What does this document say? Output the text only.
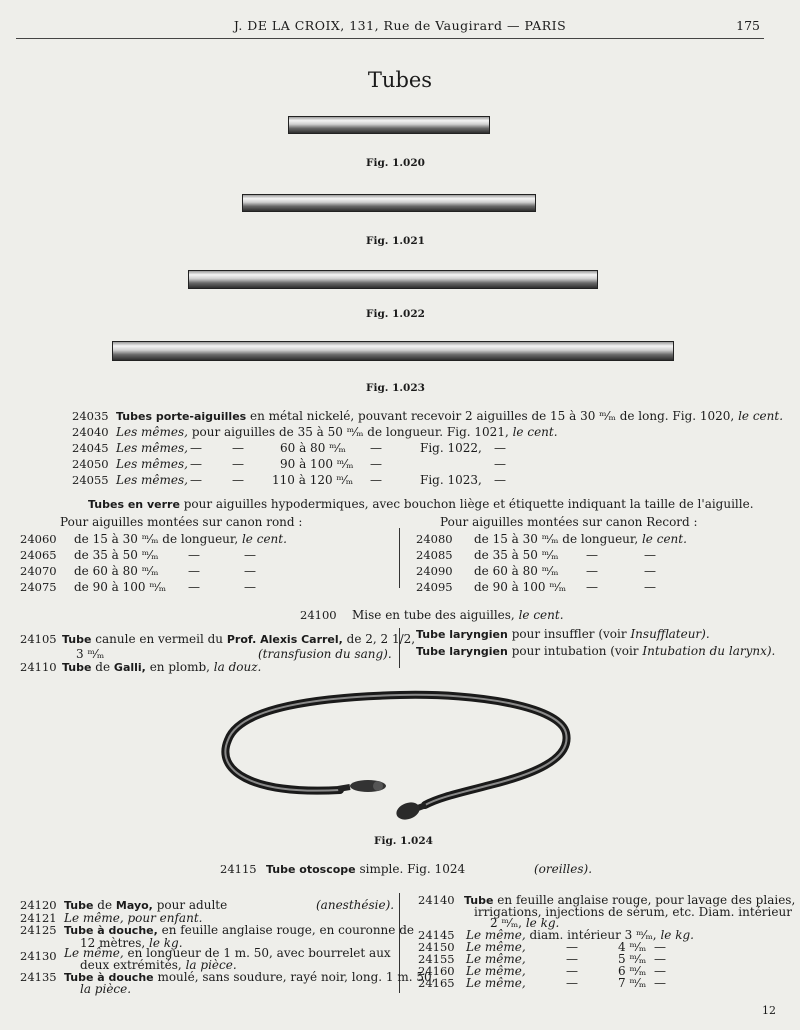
J. DE LA CROIX, 131, Rue de Vaugirard — PARIS	175
Tubes
Fig. 1.020
Fig. 1.021
Fig. 1.022
Fig. 1.023
24035 Tubes porte-aiguilles en métal nickelé, pouvant recevoir 2 aiguilles de 15 à 30 ᵐ⁄ₘ de long. Fig. 1020, le cent.
24040 Les mêmes, pour aiguilles de 35 à 50 ᵐ⁄ₘ de longueur. Fig. 1021, le cent.
24045 Les mêmes, —	—	60 à 80 ᵐ⁄ₘ —	Fig. 1022, —
24050 Les mêmes, —	—	90 à 100 ᵐ⁄ₘ —	—
24055 Les mêmes, —	— 110 à 120 ᵐ⁄ₘ —	Fig. 1023, —
Tubes en verre pour aiguilles hypodermiques, avec bouchon liège et étiquette indiquant la taille de l'aiguille.
Pour aiguilles montées sur canon rond :	Pour aiguilles montées sur canon Record :
24060 de 15 à 30 ᵐ⁄ₘ de longueur, le cent.
24065 de 35 à 50 ᵐ⁄ₘ —	—
24070 de 60 à 80 ᵐ⁄ₘ —	—
24075 de 90 à 100 ᵐ⁄ₘ —	—
24080 de 15 à 30 ᵐ⁄ₘ de longueur, le cent.
24085 de 35 à 50 ᵐ⁄ₘ —	—
24090 de 60 à 80 ᵐ⁄ₘ —	—
24095 de 90 à 100 ᵐ⁄ₘ —	—
24100 Mise en tube des aiguilles, le cent.
24105 Tube canule en vermeil du Prof. Alexis Carrel, de 2, 2 1/2,
3 ᵐ⁄ₘ	(transfusion du sang).
24110 Tube de Galli, en plomb, la douz.
Tube laryngien pour insuffler (voir Insufflateur).
Tube laryngien pour intubation (voir Intubation du larynx).
Fig. 1.024
24115 Tube otoscope simple. Fig. 1024	(oreilles).
24120 Tube de Mayo, pour adulte	(anesthésie).
24121 Le même, pour enfant.
24125 Tube à douche, en feuille anglaise rouge, en couronne de
12 mètres, le kg.
24130 Le même, en longueur de 1 m. 50, avec bourrelet aux
deux extrémités, la pièce.
24135 Tube à douche moulé, sans soudure, rayé noir, long. 1 m. 50,
la pièce.
24140 Tube en feuille anglaise rouge, pour lavage des plaies,
irrigations, injections de sérum, etc. Diam. intérieur
2 ᵐ⁄ₘ, le kg.
24145 Le même, diam. intérieur 3 ᵐ⁄ₘ, le kg.
24150 Le même,	—	4 ᵐ⁄ₘ —
24155 Le même,	—	5 ᵐ⁄ₘ —
24160 Le même,	—	6 ᵐ⁄ₘ —
24165 Le même,	—	7 ᵐ⁄ₘ —
12
